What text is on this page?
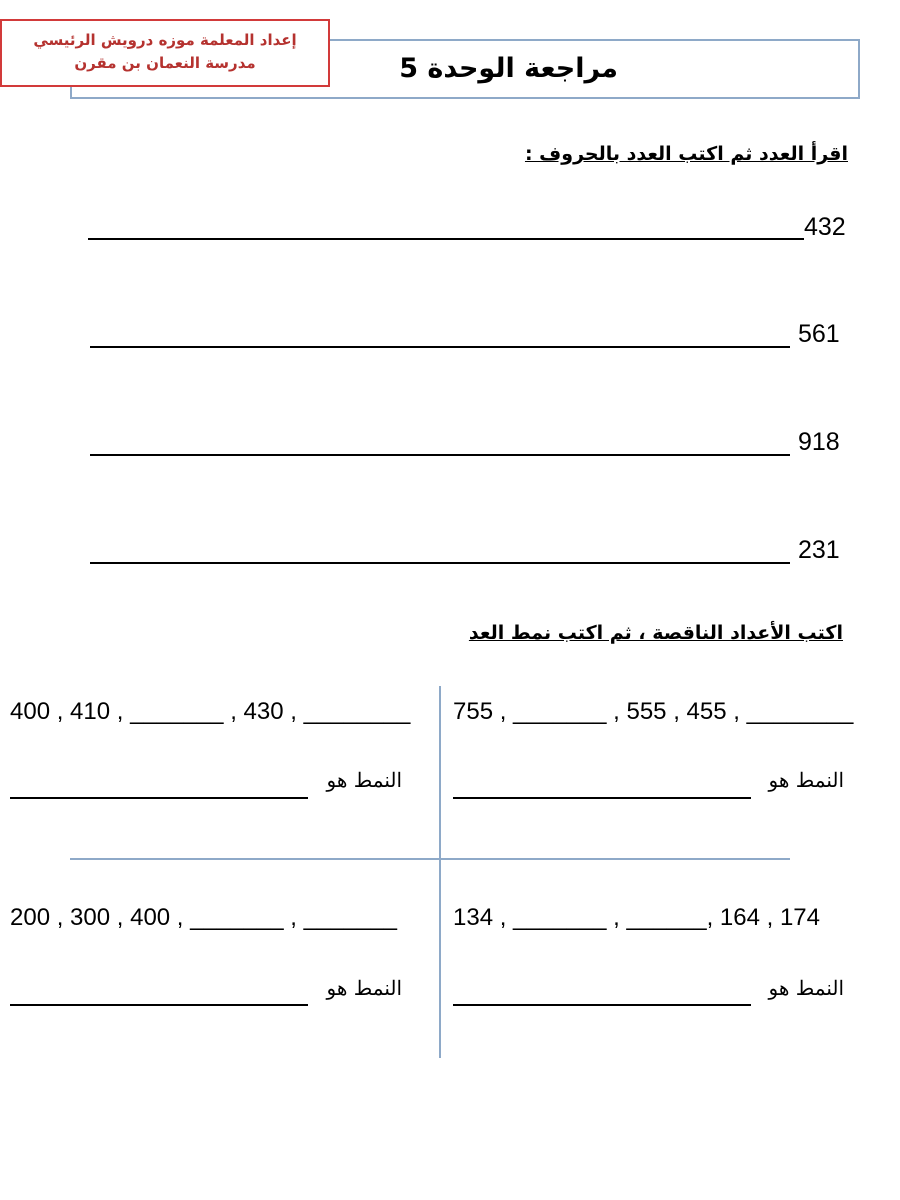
مراجعة الوحدة 5
إعداد المعلمة موزه درويش الرئيسي
مدرسة النعمان بن مقرن
اقرأ العدد ثم اكتب العدد بالحروف :
432
561
918
231
اكتب الأعداد الناقصة ، ثم اكتب نمط العد
755 , _______ , 555 , 455 , ________
النمط هو
400 , 410 , _______ , 430 , ________
النمط هو
134 , _______ , ______, 164 , 174
النمط هو
200 , 300 , 400 , _______ , _______
النمط هو
